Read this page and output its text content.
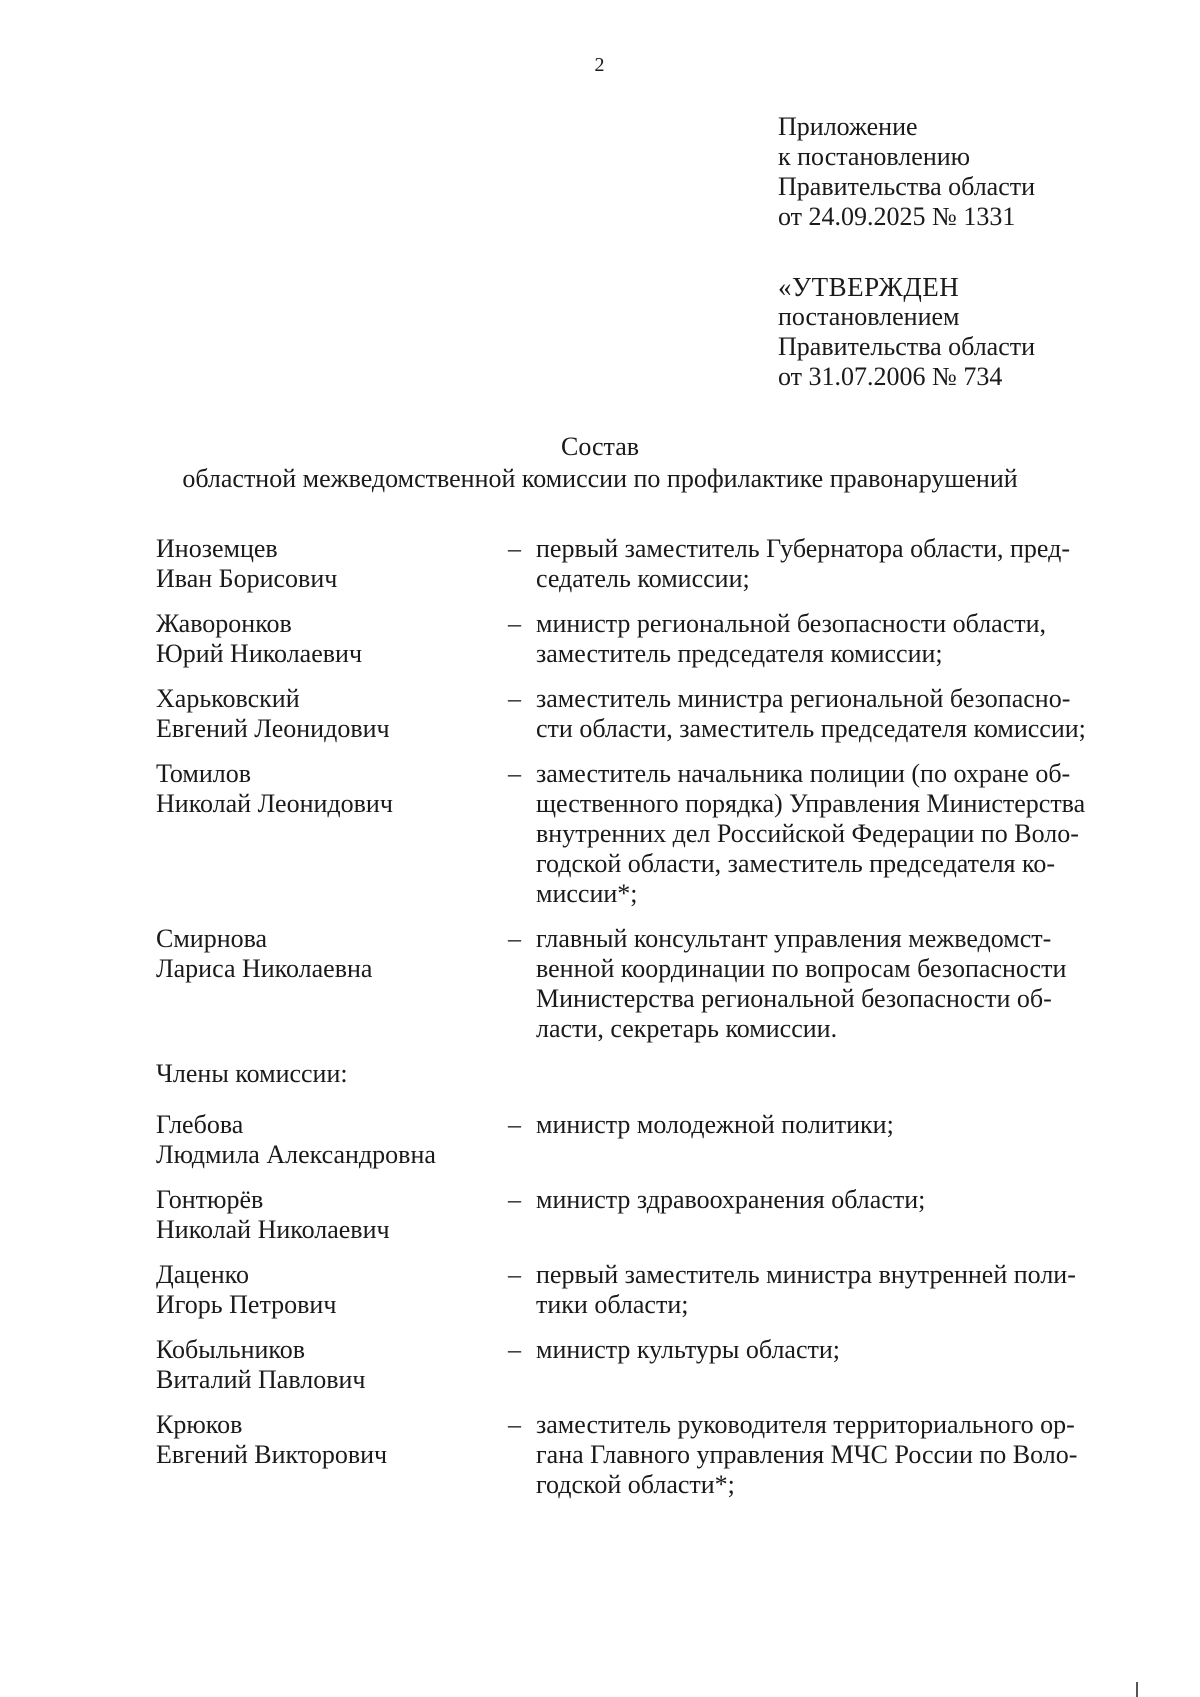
2
Приложение
к постановлению
Правительства области
от 24.09.2025 № 1331
«УТВЕРЖДЕН
постановлением
Правительства области
от 31.07.2006 № 734
Состав
областной межведомственной комиссии по профилактике правонарушений
Иноземцев
Иван Борисович
– первый заместитель Губернатора области, пред-
седатель комиссии;
Жаворонков
Юрий Николаевич
– министр региональной безопасности области,
заместитель председателя комиссии;
Харьковский
Евгений Леонидович
– заместитель министра региональной безопасно-
сти области, заместитель председателя комиссии;
Томилов
Николай Леонидович
– заместитель начальника полиции (по охране об-
щественного порядка) Управления Министерства
внутренних дел Российской Федерации по Воло-
годской области, заместитель председателя ко-
миссии*;
Смирнова
Лариса Николаевна
– главный консультант управления межведомст-
венной координации по вопросам безопасности
Министерства региональной безопасности об-
ласти, секретарь комиссии.
Члены комиссии:
Глебова
Людмила Александровна
– министр молодежной политики;
Гонтюрёв
Николай Николаевич
– министр здравоохранения области;
Даценко
Игорь Петрович
– первый заместитель министра внутренней поли-
тики области;
Кобыльников
Виталий Павлович
– министр культуры области;
Крюков
Евгений Викторович
– заместитель руководителя территориального ор-
гана Главного управления МЧС России по Воло-
годской области*;
